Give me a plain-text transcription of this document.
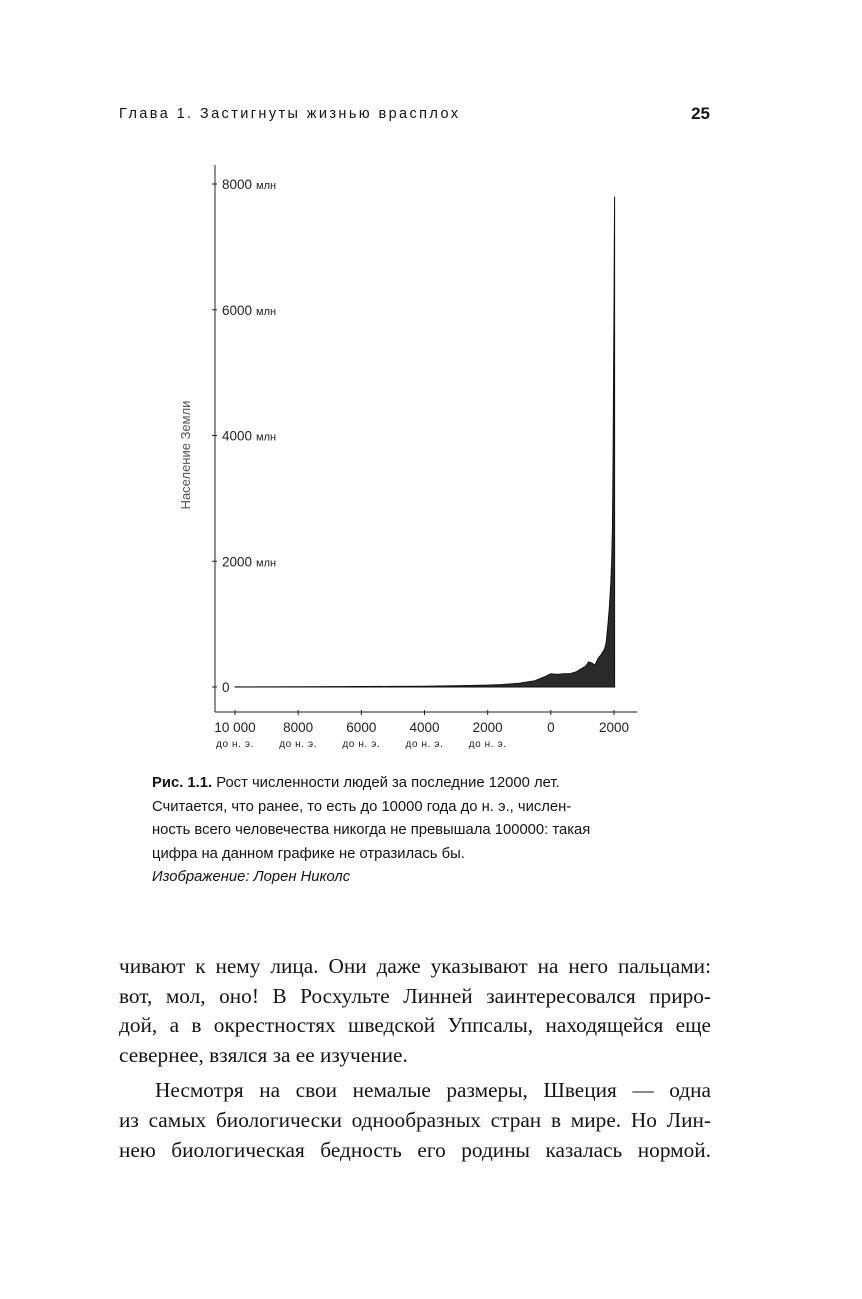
Глава 1. Застигнуты жизнью врасплох	25
Население Земли
8000 млн
6000 млн
4000 млн
2000 млн
0
10 000
до н. э.
8000
до н. э.
6000
до н. э.
4000
до н. э.
2000
до н. э.
0	2000
Рис. 1.1. Рост численности людей за последние 12000 лет.
Считается, что ранее, то есть до 10000 года до н. э., числен-
ность всего человечества никогда не превышала 100000: такая
цифра на данном графике не отразилась бы.
Изображение: Лорен Николс
чивают к нему лица. Они даже указывают на него пальцами:
вот, мол, оно! В Росхульте Линней заинтересовался приро-
дой, а в окрестностях шведской Уппсалы, находящейся еще
севернее, взялся за ее изучение.
Несмотря на свои немалые размеры, Швеция — одна
из самых биологически однообразных стран в мире. Но Лин-
нею биологическая бедность его родины казалась нормой.
